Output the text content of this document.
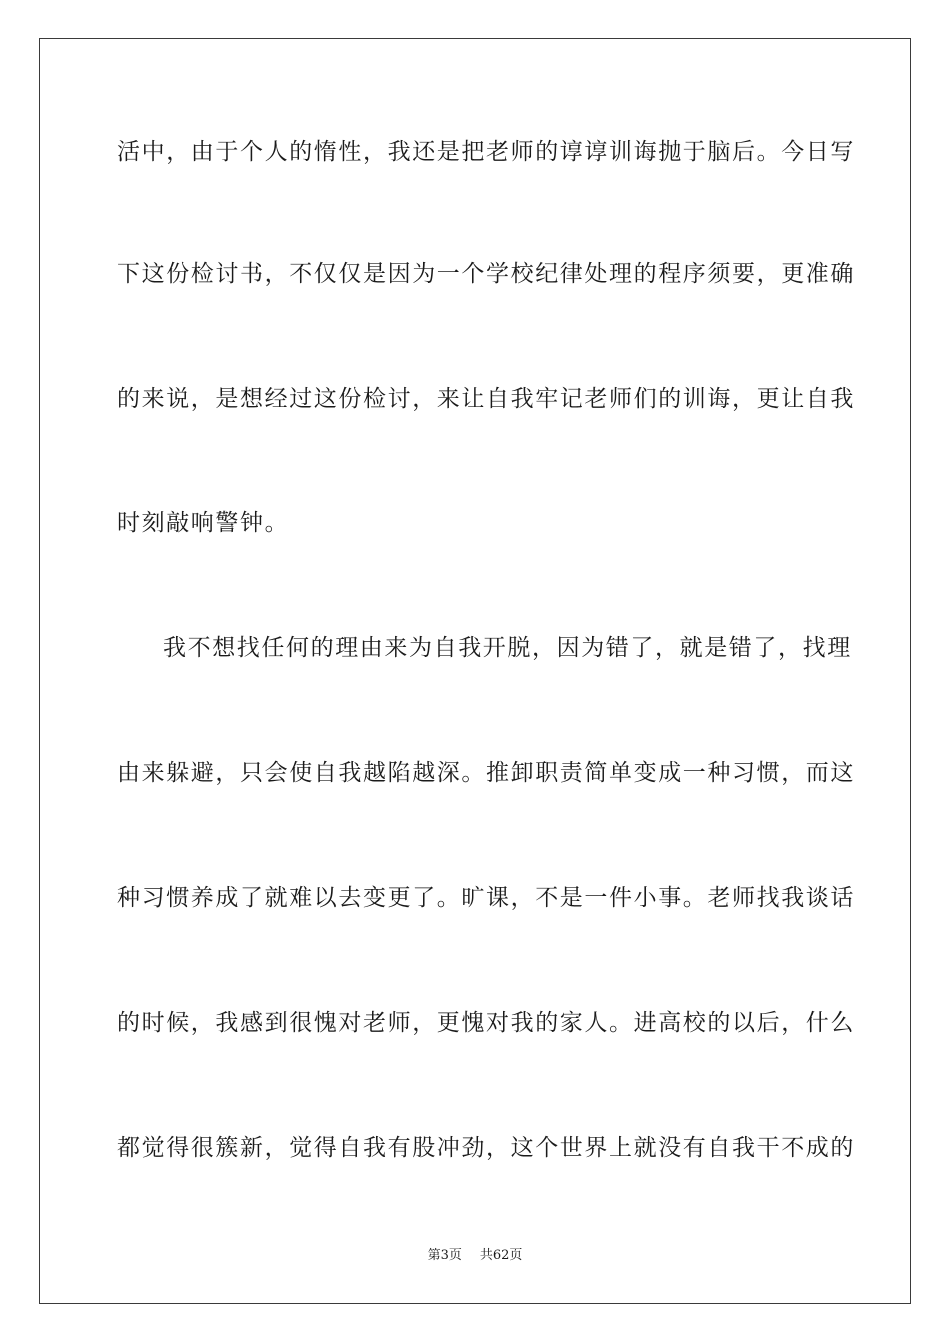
活中，由于个人的惰性，我还是把老师的谆谆训诲抛于脑后。今日写
下这份检讨书，不仅仅是因为一个学校纪律处理的程序须要，更准确
的来说，是想经过这份检讨，来让自我牢记老师们的训诲，更让自我
时刻敲响警钟。
我不想找任何的理由来为自我开脱，因为错了，就是错了，找理
由来躲避，只会使自我越陷越深。推卸职责简单变成一种习惯，而这
种习惯养成了就难以去变更了。旷课，不是一件小事。老师找我谈话
的时候，我感到很愧对老师，更愧对我的家人。进高校的以后，什么
都觉得很簇新，觉得自我有股冲劲，这个世界上就没有自我干不成的
第3页 共62页
